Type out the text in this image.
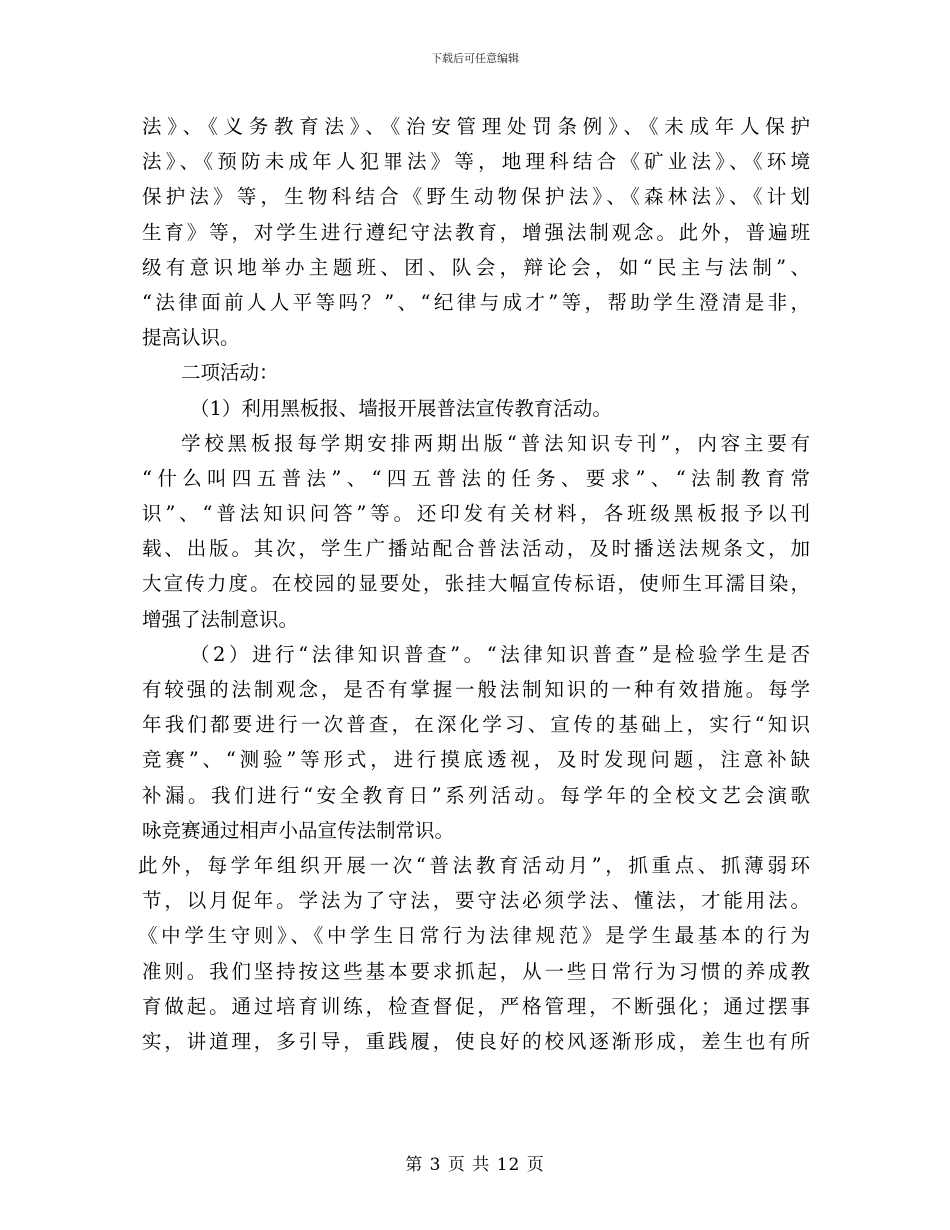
下载后可任意编辑
法》、《义务教育法》、《治安管理处罚条例》、《未成年人保护
法》、《预防未成年人犯罪法》等，地理科结合《矿业法》、《环境
保护法》等，生物科结合《野生动物保护法》、《森林法》、《计划
生育》等，对学生进行遵纪守法教育，增强法制观念。此外，普遍班
级有意识地举办主题班、团、队会，辩论会，如“民主与法制”、
“法律面前人人平等吗？”、“纪律与成才”等，帮助学生澄清是非，
提高认识。
二项活动：
（1）利用黑板报、墙报开展普法宣传教育活动。
学校黑板报每学期安排两期出版“普法知识专刊”，内容主要有
“什么叫四五普法”、“四五普法的任务、要求”、“法制教育常
识”、“普法知识问答”等。还印发有关材料，各班级黑板报予以刊
载、出版。其次，学生广播站配合普法活动，及时播送法规条文，加
大宣传力度。在校园的显要处，张挂大幅宣传标语，使师生耳濡目染，
增强了法制意识。
（2）进行“法律知识普查”。“法律知识普查”是检验学生是否
有较强的法制观念，是否有掌握一般法制知识的一种有效措施。每学
年我们都要进行一次普查，在深化学习、宣传的基础上，实行“知识
竞赛”、“测验”等形式，进行摸底透视，及时发现问题，注意补缺
补漏。我们进行“安全教育日”系列活动。每学年的全校文艺会演歌
咏竞赛通过相声小品宣传法制常识。
此外，每学年组织开展一次“普法教育活动月”，抓重点、抓薄弱环
节，以月促年。学法为了守法，要守法必须学法、懂法，才能用法。
《中学生守则》、《中学生日常行为法律规范》是学生最基本的行为
准则。我们坚持按这些基本要求抓起，从一些日常行为习惯的养成教
育做起。通过培育训练，检查督促，严格管理，不断强化；通过摆事
实，讲道理，多引导，重践履，使良好的校风逐渐形成，差生也有所
第 3 页 共 12 页
